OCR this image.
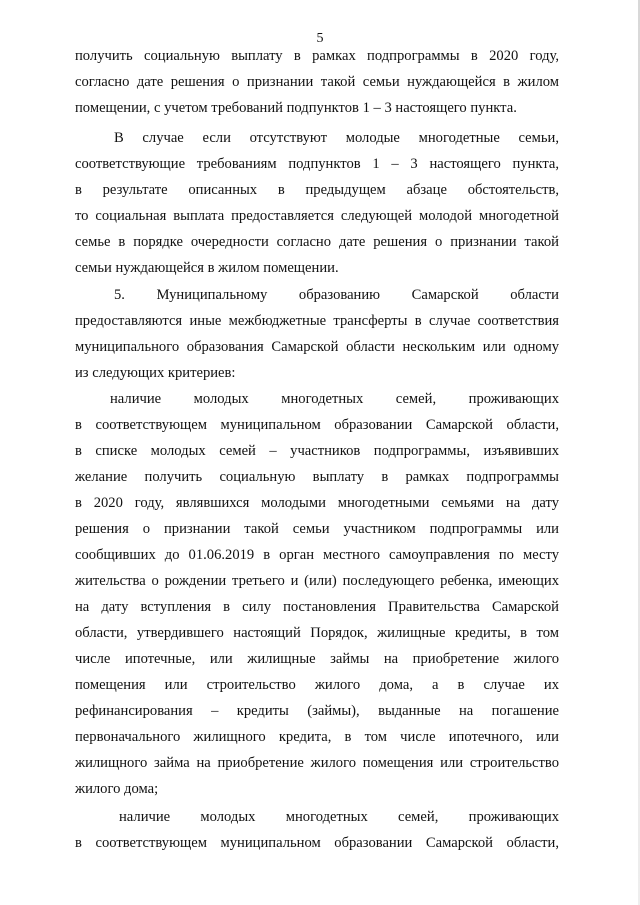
5
получить социальную выплату в рамках подпрограммы в 2020 году,
согласно дате решения о признании такой семьи нуждающейся в жилом
помещении, с учетом требований подпунктов 1 – 3 настоящего пункта.
В случае если отсутствуют молодые многодетные семьи,
соответствующие требованиям подпунктов 1 – 3 настоящего пункта,
в результате описанных в предыдущем абзаце обстоятельств,
то социальная выплата предоставляется следующей молодой многодетной
семье в порядке очередности согласно дате решения о признании такой
семьи нуждающейся в жилом помещении.
5. Муниципальному образованию Самарской области
предоставляются иные межбюджетные трансферты в случае соответствия
муниципального образования Самарской области нескольким или одному
из следующих критериев:
наличие молодых многодетных семей, проживающих
в соответствующем муниципальном образовании Самарской области,
в списке молодых семей – участников подпрограммы, изъявивших
желание получить социальную выплату в рамках подпрограммы
в 2020 году, являвшихся молодыми многодетными семьями на дату
решения о признании такой семьи участником подпрограммы или
сообщивших до 01.06.2019 в орган местного самоуправления по месту
жительства о рождении третьего и (или) последующего ребенка, имеющих
на дату вступления в силу постановления Правительства Самарской
области, утвердившего настоящий Порядок, жилищные кредиты, в том
числе ипотечные, или жилищные займы на приобретение жилого
помещения или строительство жилого дома, а в случае их
рефинансирования – кредиты (займы), выданные на погашение
первоначального жилищного кредита, в том числе ипотечного, или
жилищного займа на приобретение жилого помещения или строительство
жилого дома;
наличие молодых многодетных семей, проживающих
в соответствующем муниципальном образовании Самарской области,
